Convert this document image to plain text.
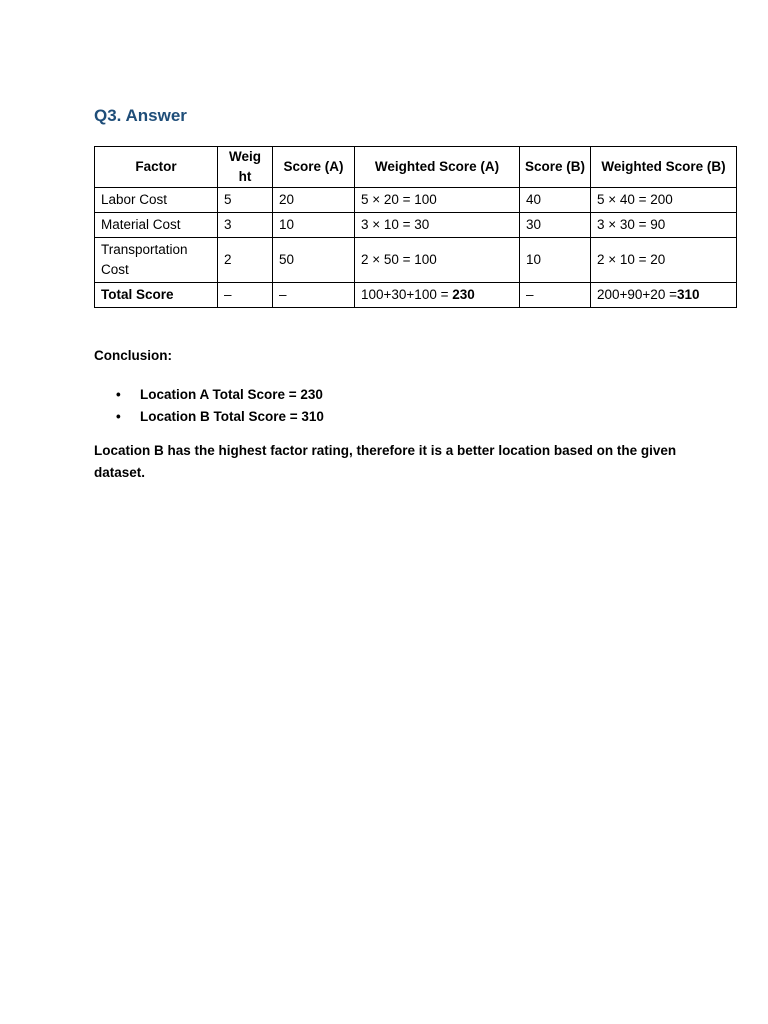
Q3. Answer
Factor	Weig ht	Score (A)	Weighted Score (A)	Score (B)	Weighted Score (B)
Labor Cost	5	20	5 × 20 = 100	40	5 × 40 = 200
Material Cost	3	10	3 × 10 = 30	30	3 × 30 = 90
Transportation Cost	2	50	2 × 50 = 100	10	2 × 10 = 20
Total Score	–	–	100+30+100 = 230	–	200+90+20 =310
Conclusion:
• Location A Total Score = 230
• Location B Total Score = 310
Location B has the highest factor rating, therefore it is a better location based on the given dataset.
